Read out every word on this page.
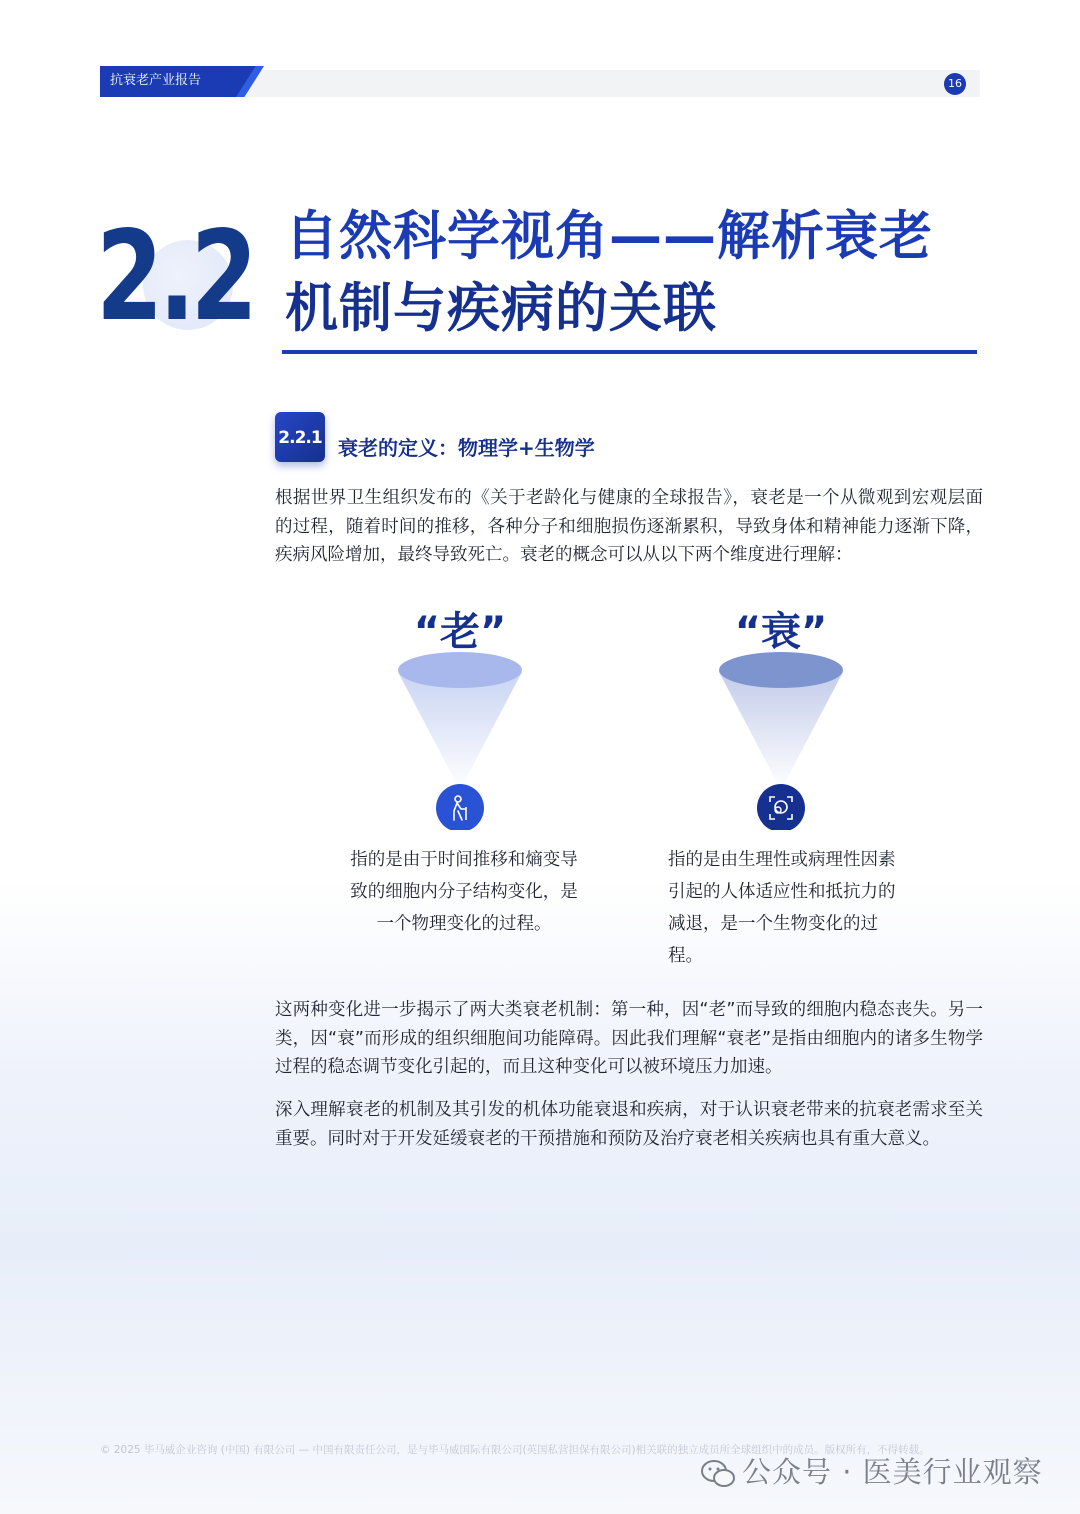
抗衰老产业报告	16
2.2 自然科学视角——解析衰老
机制与疾病的关联
2.2.1 衰老的定义：物理学+生物学
根据世界卫生组织发布的《关于老龄化与健康的全球报告》，衰老是一个从微观到宏观层面的过程，随着时间的推移，各种分子和细胞损伤逐渐累积，导致身体和精神能力逐渐下降，疾病风险增加，最终导致死亡。衰老的概念可以从以下两个维度进行理解：
“老”
指的是由于时间推移和熵变导致的细胞内分子结构变化，是一个物理变化的过程。
“衰”
指的是由生理性或病理性因素引起的人体适应性和抵抗力的减退，是一个生物变化的过程。
这两种变化进一步揭示了两大类衰老机制：第一种，因“老”而导致的细胞内稳态丧失。另一类，因“衰”而形成的组织细胞间功能障碍。因此我们理解“衰老”是指由细胞内的诸多生物学过程的稳态调节变化引起的，而且这种变化可以被环境压力加速。
深入理解衰老的机制及其引发的机体功能衰退和疾病，对于认识衰老带来的抗衰老需求至关重要。同时对于开发延缓衰老的干预措施和预防及治疗衰老相关疾病也具有重大意义。
© 2025 毕马威企业咨询 (中国) 有限公司 — 中国有限责任公司，是与毕马威国际有限公司(英国私营担保有限公司)相关联的独立成员所全球组织中的成员。版权所有，不得转载。
公众号 · 医美行业观察
